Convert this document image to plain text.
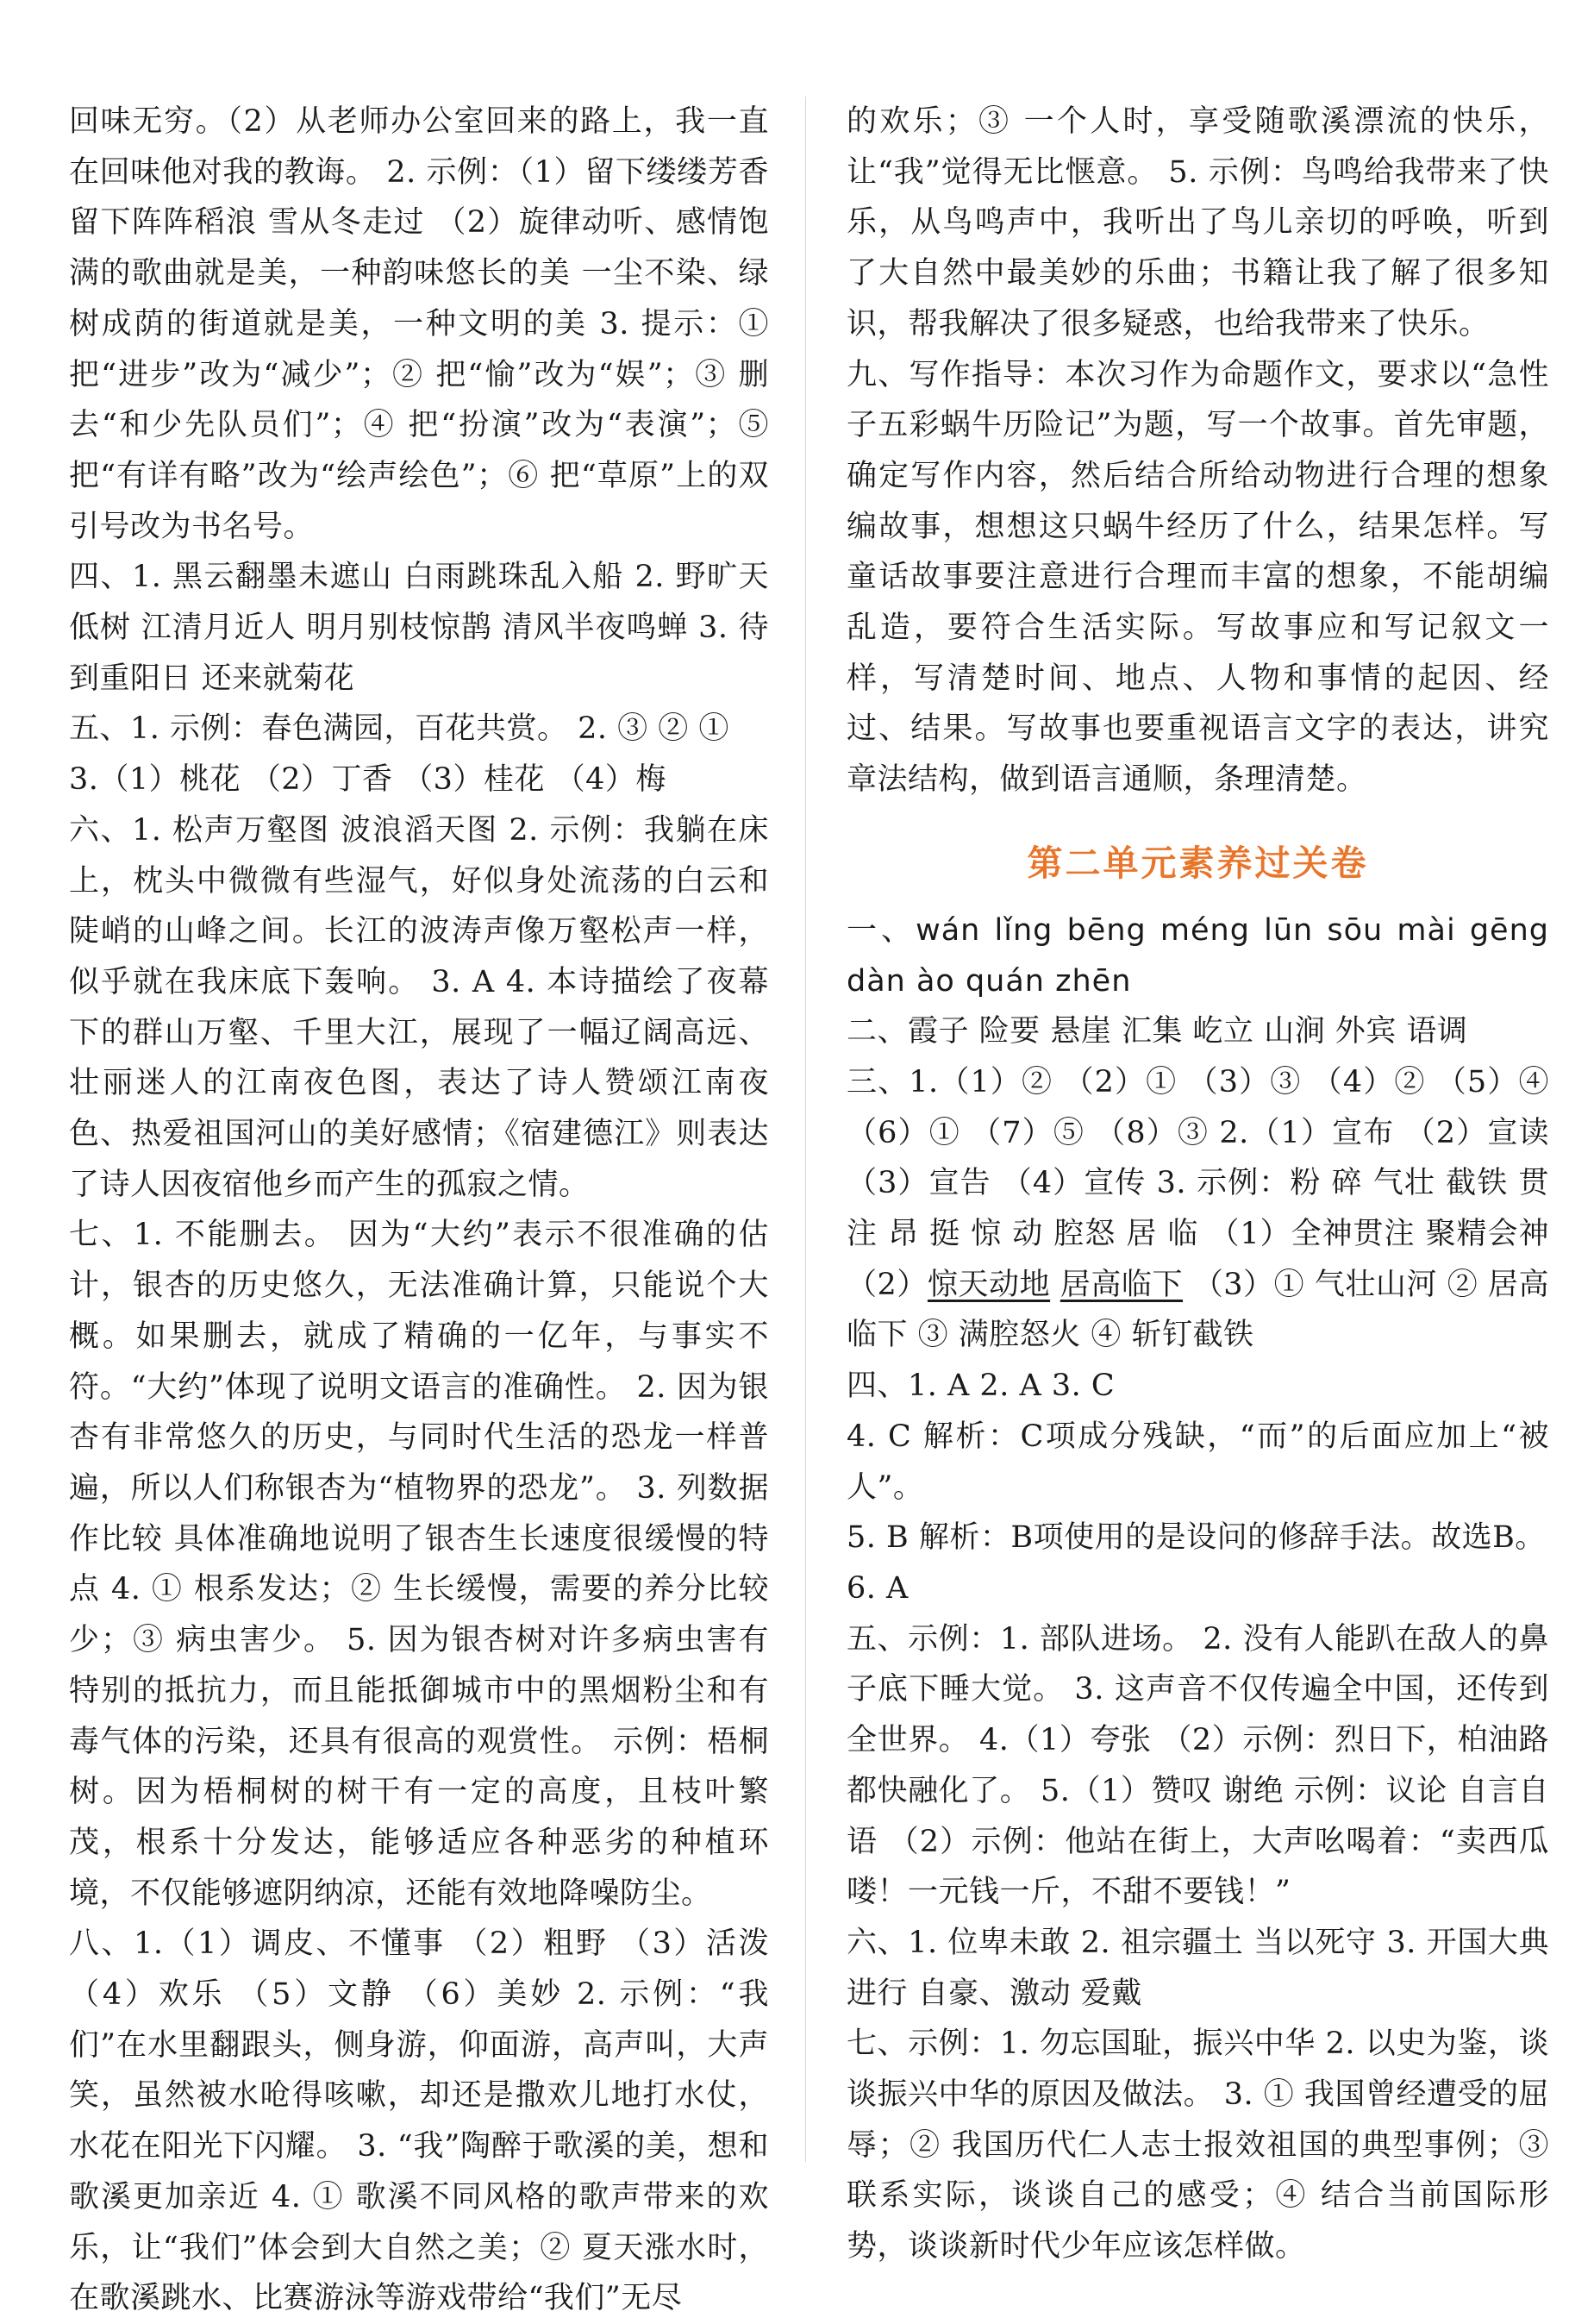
回味无穷。（2）从老师办公室回来的路上，我一直在回味他对我的教诲。 2. 示例：（1）留下缕缕芳香 留下阵阵稻浪 雪从冬走过 （2）旋律动听、感情饱满的歌曲就是美，一种韵味悠长的美 一尘不染、绿树成荫的街道就是美，一种文明的美 3. 提示：① 把“进步”改为“减少”；② 把“愉”改为“娱”；③ 删去“和少先队员们”；④ 把“扮演”改为“表演”；⑤ 把“有详有略”改为“绘声绘色”；⑥ 把“草原”上的双引号改为书名号。

四、1. 黑云翻墨未遮山 白雨跳珠乱入船 2. 野旷天低树 江清月近人 明月别枝惊鹊 清风半夜鸣蝉 3. 待到重阳日 还来就菊花

五、1. 示例：春色满园，百花共赏。 2. ③ ② ①

3.（1）桃花 （2）丁香 （3）桂花 （4）梅

六、1. 松声万壑图 波浪滔天图 2. 示例：我躺在床上，枕头中微微有些湿气，好似身处流荡的白云和陡峭的山峰之间。长江的波涛声像万壑松声一样，似乎就在我床底下轰响。 3. A 4. 本诗描绘了夜幕下的群山万壑、千里大江，展现了一幅辽阔高远、壮丽迷人的江南夜色图，表达了诗人赞颂江南夜色、热爱祖国河山的美好感情；《宿建德江》则表达了诗人因夜宿他乡而产生的孤寂之情。

七、1. 不能删去。 因为“大约”表示不很准确的估计，银杏的历史悠久，无法准确计算，只能说个大概。如果删去，就成了精确的一亿年，与事实不符。“大约”体现了说明文语言的准确性。 2. 因为银杏有非常悠久的历史，与同时代生活的恐龙一样普遍，所以人们称银杏为“植物界的恐龙”。 3. 列数据 作比较 具体准确地说明了银杏生长速度很缓慢的特点 4. ① 根系发达；② 生长缓慢，需要的养分比较少；③ 病虫害少。 5. 因为银杏树对许多病虫害有特别的抵抗力，而且能抵御城市中的黑烟粉尘和有毒气体的污染，还具有很高的观赏性。 示例：梧桐树。因为梧桐树的树干有一定的高度，且枝叶繁茂，根系十分发达，能够适应各种恶劣的种植环境，不仅能够遮阴纳凉，还能有效地降噪防尘。

八、1.（1）调皮、不懂事 （2）粗野 （3）活泼 （4）欢乐 （5）文静 （6）美妙 2. 示例：“我们”在水里翻跟头，侧身游，仰面游，高声叫，大声笑，虽然被水呛得咳嗽，却还是撒欢儿地打水仗，水花在阳光下闪耀。 3. “我”陶醉于歌溪的美，想和歌溪更加亲近 4. ① 歌溪不同风格的歌声带来的欢乐，让“我们”体会到大自然之美；② 夏天涨水时，在歌溪跳水、比赛游泳等游戏带给“我们”无尽

的欢乐；③ 一个人时，享受随歌溪漂流的快乐，让“我”觉得无比惬意。 5. 示例：鸟鸣给我带来了快乐，从鸟鸣声中，我听出了鸟儿亲切的呼唤，听到了大自然中最美妙的乐曲；书籍让我了解了很多知识，帮我解决了很多疑惑，也给我带来了快乐。

九、写作指导：本次习作为命题作文，要求以“急性子五彩蜗牛历险记”为题，写一个故事。首先审题，确定写作内容，然后结合所给动物进行合理的想象编故事，想想这只蜗牛经历了什么，结果怎样。写童话故事要注意进行合理而丰富的想象，不能胡编乱造，要符合生活实际。写故事应和写记叙文一样，写清楚时间、地点、人物和事情的起因、经过、结果。写故事也要重视语言文字的表达，讲究章法结构，做到语言通顺，条理清楚。

第二单元素养过关卷

一、wán lǐng bēng méng lūn sōu mài gēng dàn ào quán zhēn

二、霞子 险要 悬崖 汇集 屹立 山涧 外宾 语调

三、1.（1）② （2）① （3）③ （4）② （5）④ （6）① （7）⑤ （8）③ 2.（1）宣布 （2）宣读 （3）宣告 （4）宣传 3. 示例：粉 碎 气壮 截铁 贯注 昂 挺 惊 动 腔怒 居 临 （1）全神贯注 聚精会神 （2）惊天动地 居高临下 （3）① 气壮山河 ② 居高临下 ③ 满腔怒火 ④ 斩钉截铁

四、1. A 2. A 3. C

4. C 解析：C项成分残缺，“而”的后面应加上“被人”。

5. B 解析：B项使用的是设问的修辞手法。故选B。

6. A

五、示例：1. 部队进场。 2. 没有人能趴在敌人的鼻子底下睡大觉。 3. 这声音不仅传遍全中国，还传到全世界。 4.（1）夸张 （2）示例：烈日下，柏油路都快融化了。 5.（1）赞叹 谢绝 示例：议论 自言自语 （2）示例：他站在街上，大声吆喝着：“卖西瓜喽！一元钱一斤，不甜不要钱！”

六、1. 位卑未敢 2. 祖宗疆土 当以死守 3. 开国大典进行 自豪、激动 爱戴

七、示例：1. 勿忘国耻，振兴中华 2. 以史为鉴，谈谈振兴中华的原因及做法。 3. ① 我国曾经遭受的屈辱；② 我国历代仁人志士报效祖国的典型事例；③ 联系实际，谈谈自己的感受；④ 结合当前国际形势，谈谈新时代少年应该怎样做。
